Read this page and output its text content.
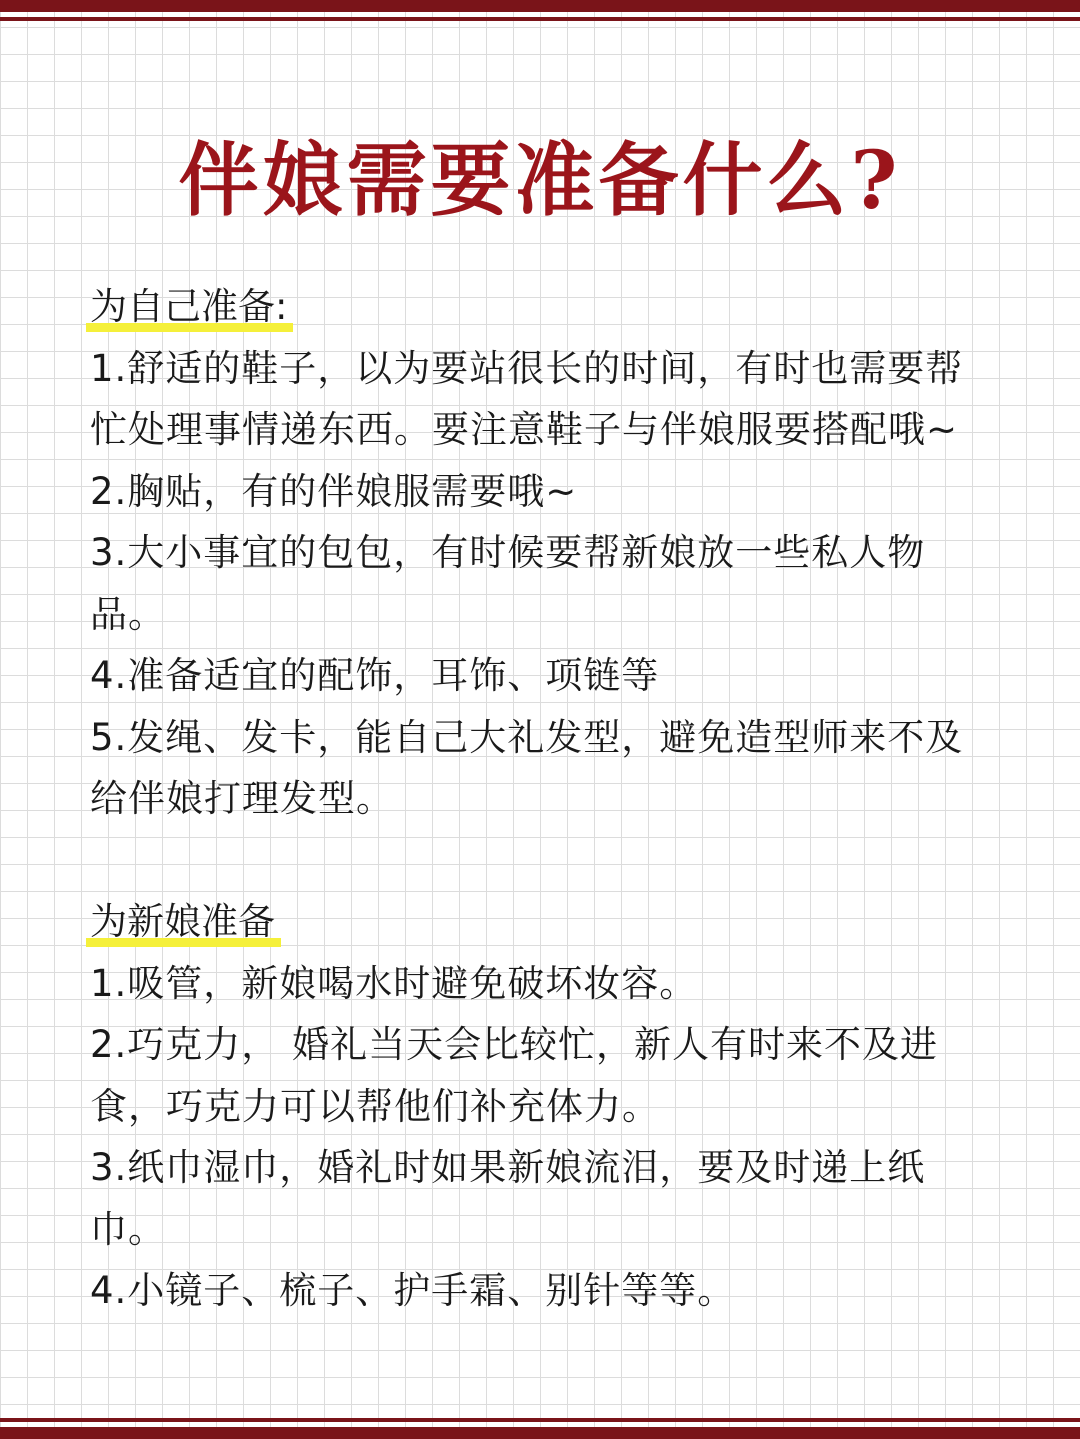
伴娘需要准备什么?
为自己准备:
1.舒适的鞋子，以为要站很长的时间，有时也需要帮忙处理事情递东西。要注意鞋子与伴娘服要搭配哦~
2.胸贴，有的伴娘服需要哦~
3.大小事宜的包包，有时候要帮新娘放一些私人物品。
4.准备适宜的配饰，耳饰、项链等
5.发绳、发卡，能自己大礼发型，避免造型师来不及给伴娘打理发型。
为新娘准备
1.吸管，新娘喝水时避免破坏妆容。
2.巧克力， 婚礼当天会比较忙，新人有时来不及进食，巧克力可以帮他们补充体力。
3.纸巾湿巾，婚礼时如果新娘流泪，要及时递上纸巾。
4.小镜子、梳子、护手霜、别针等等。
